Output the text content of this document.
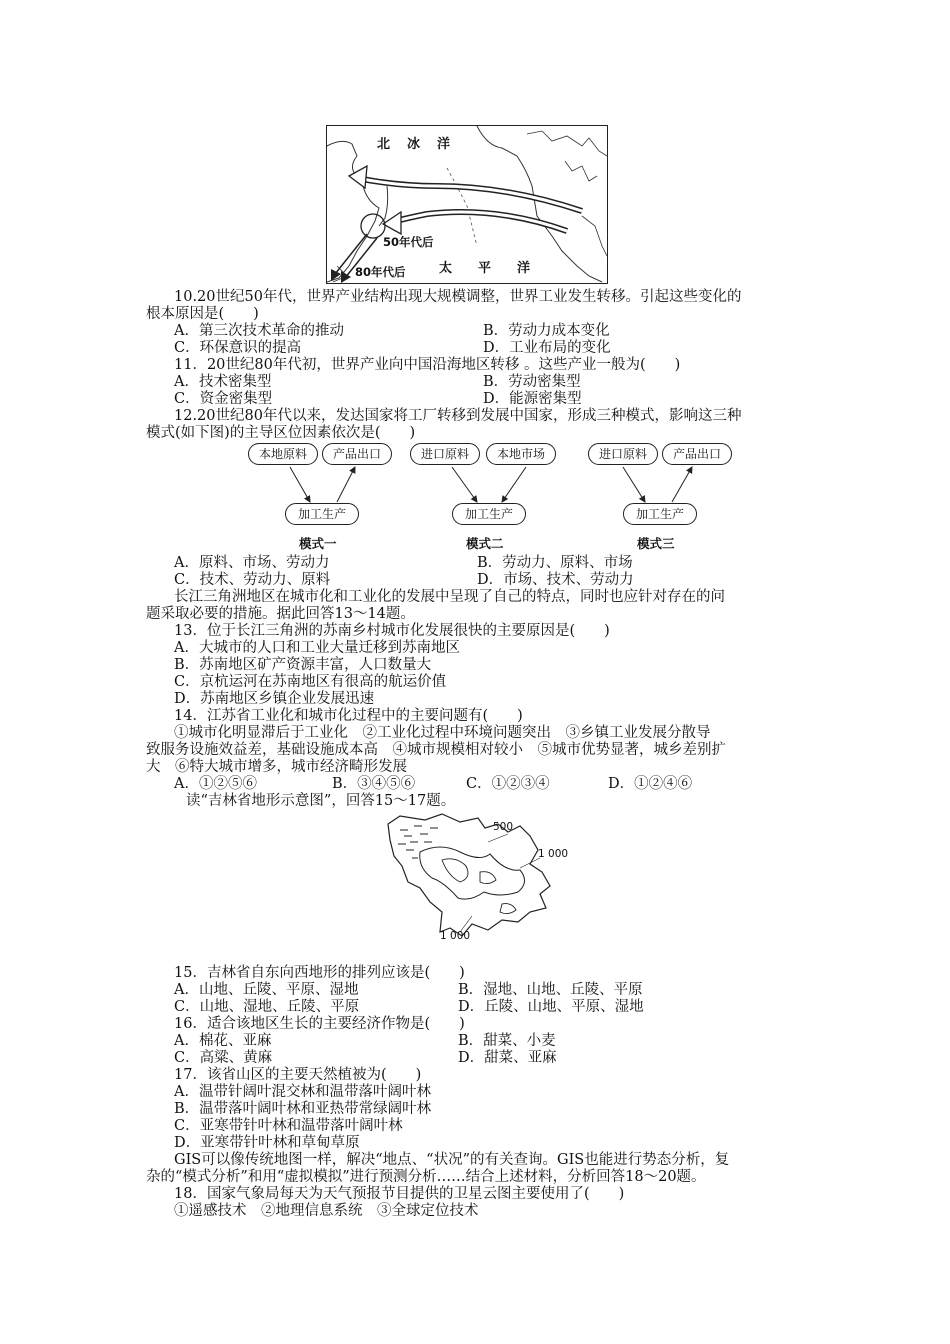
北　冰　洋
太　　平　　洋
50年代后
80年代后
10.20世纪50年代，世界产业结构出现大规模调整，世界工业发生转移。引起这些变化的
根本原因是(　　)
A．第三次技术革命的推动	B．劳动力成本变化
C．环保意识的提高	D．工业布局的变化
11．20世纪80年代初，世界产业向中国沿海地区转移 。这些产业一般为(　　)
A．技术密集型	B．劳动密集型
C．资金密集型	D．能源密集型
12.20世纪80年代以来，发达国家将工厂转移到发展中国家，形成三种模式，影响这三种
模式(如下图)的主导区位因素依次是(　　)
本地原料	产品出口
加工生产
模式一
进口原料	本地市场
加工生产
模式二
进口原料	产品出口
加工生产
模式三
A．原料、市场、劳动力	B．劳动力、原料、市场
C．技术、劳动力、原料	D．市场、技术、劳动力
长江三角洲地区在城市化和工业化的发展中呈现了自己的特点，同时也应针对存在的问
题采取必要的措施。据此回答13～14题。
13．位于长江三角洲的苏南乡村城市化发展很快的主要原因是(　　)
A．大城市的人口和工业大量迁移到苏南地区
B．苏南地区矿产资源丰富，人口数量大
C．京杭运河在苏南地区有很高的航运价值
D．苏南地区乡镇企业发展迅速
14．江苏省工业化和城市化过程中的主要问题有(　　)
①城市化明显滞后于工业化　②工业化过程中环境问题突出　③乡镇工业发展分散导
致服务设施效益差，基础设施成本高　④城市规模相对较小　⑤城市优势显著，城乡差别扩
大　⑥特大城市增多，城市经济畸形发展
A．①②⑤⑥	B．③④⑤⑥	C．①②③④	D．①②④⑥
读“吉林省地形示意图”，回答15～17题。
500
1 000
1 000
15．吉林省自东向西地形的排列应该是(　　)
A．山地、丘陵、平原、湿地	B．湿地、山地、丘陵、平原
C．山地、湿地、丘陵、平原	D．丘陵、山地、平原、湿地
16．适合该地区生长的主要经济作物是(　　)
A．棉花、亚麻	B．甜菜、小麦
C．高粱、黄麻	D．甜菜、亚麻
17．该省山区的主要天然植被为(　　)
A．温带针阔叶混交林和温带落叶阔叶林
B．温带落叶阔叶林和亚热带常绿阔叶林
C．亚寒带针叶林和温带落叶阔叶林
D．亚寒带针叶林和草甸草原
GIS可以像传统地图一样，解决“地点、“状况”的有关查询。GIS也能进行势态分析，复
杂的“模式分析”和用“虚拟模拟”进行预测分析……结合上述材料，分析回答18～20题。
18．国家气象局每天为天气预报节目提供的卫星云图主要使用了(　　)
①遥感技术　②地理信息系统　③全球定位技术
